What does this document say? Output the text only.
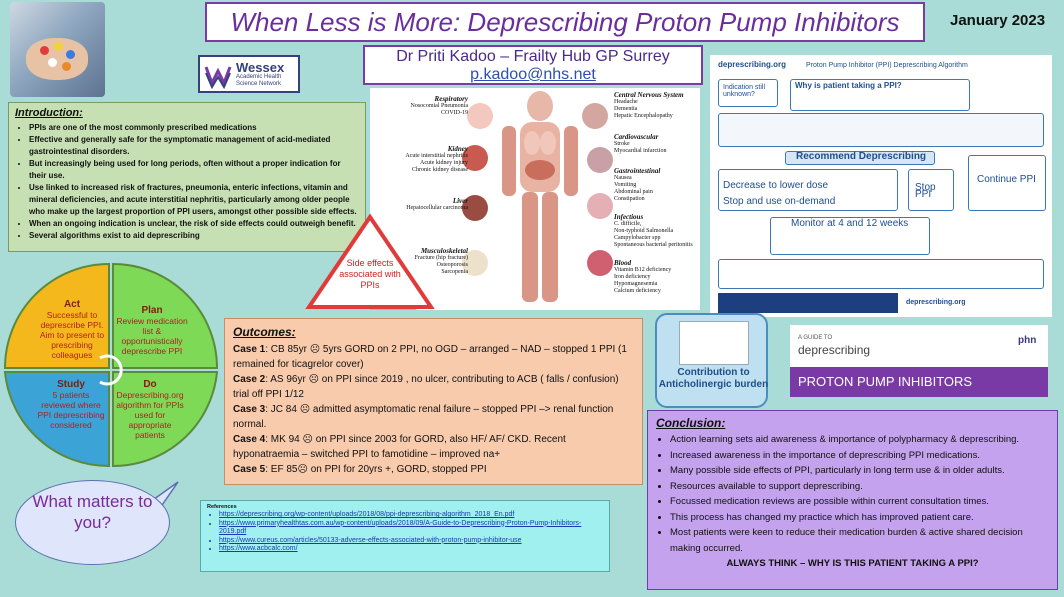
When Less is More: Deprescribing Proton Pump Inhibitors	January 2023
Wessex
Academic Health Science Network
Dr Priti Kadoo – Frailty Hub GP Surrey
p.kadoo@nhs.net
Introduction:
• PPIs are one of the most commonly prescribed medications
• Effective and generally safe for the symptomatic management of acid-mediated gastrointestinal disorders.
• But increasingly being used for long periods, often without a proper indication for their use.
• Use linked to increased risk of fractures, pneumonia, enteric infections, vitamin and mineral deficiencies, and acute interstitial nephritis, particularly among older people who make up the largest proportion of PPI users, amongst other possible side effects.
• When an ongoing indication is unclear, the risk of side effects could outweigh benefit.
• Several algorithms exist to aid deprescribing
Respiratory
Nosocomial Pneumonia
COVID-19
Kidney
Acute interstitial nephritis
Acute kidney injury
Chronic kidney disease
Liver
Hepatocellular carcinoma
Musculoskeletal
Fracture (hip fracture)
Osteoporosis
Sarcopenia
Central Nervous System
Headache
Dementia
Hepatic Encephalopathy
Cardiovascular
Stroke
Myocardial infarction
Gastrointestinal
Nausea
Vomiting
Abdominal pain
Constipation
Infectious
C. difficile,
Non-typhoid Salmonella
Campylobacter spp
Spontaneous bacterial peritonitis
Blood
Vitamin B12 deficiency
Iron deficiency
Hypomagnesemia
Calcium deficiency
Side effects associated with PPIs
deprescribing.org	Proton Pump Inhibitor (PPI) Deprescribing Algorithm
Why is patient taking a PPI?
Indication still unknown?
Recommend Deprescribing
Decrease to lower dose
Stop and use on-demand
Stop PPI
Continue PPI
Monitor at 4 and 12 weeks
deprescribing.org
A GUIDE TO
deprescribing
phn
PROTON PUMP INHIBITORS
Contribution to Anticholinergic burden
Act
Successful to deprescribe PPI. Aim to present to prescribing colleagues
Plan
Review medication list & opportunistically deprescribe PPI
Study
5 patients reviewed where PPI deprescribing considered
Do
Deprescribing.org algorithm for PPIs used for appropriate patients
What matters to you?
Outcomes:

Case 1: CB 85yr ☹ 5yrs GORD on 2 PPI, no OGD – arranged – NAD – stopped 1 PPI (1 remained for ticagrelor cover)

Case 2: AS 96yr ☹ on PPI since 2019 , no ulcer, contributing to ACB ( falls / confusion) trial off PPI 1/12

Case 3: JC 84 ☹ admitted asymptomatic renal failure – stopped PPI –> renal function normal.

Case 4: MK 94 ☹ on PPI since 2003 for GORD, also HF/ AF/ CKD. Recent hyponatraemia – switched PPI to famotidine – improved na+

Case 5: EF 85☹ on PPI for 20yrs +, GORD, stopped PPI

References
• https://deprescribing.org/wp-content/uploads/2018/08/ppi-deprescribing-algorithm_2018_En.pdf
• https://www.primaryhealthtas.com.au/wp-content/uploads/2018/09/A-Guide-to-Deprescribing-Proton-Pump-Inhibitors-2019.pdf
• https://www.cureus.com/articles/50133-adverse-effects-associated-with-proton-pump-inhibitor-use
• https://www.acbcalc.com/
Conclusion:
• Action learning sets aid awareness & importance of polypharmacy & deprescribing.
• Increased awareness in the importance of deprescribing PPI medications.
• Many possible side effects of PPI, particularly in long term use & in older adults.
• Resources available to support deprescribing.
• Focussed medication reviews are possible within current consultation times.
• This process has changed my practice which has improved patient care.
• Most patients were keen to reduce their medication burden & active shared decision making occurred.
ALWAYS THINK – WHY IS THIS PATIENT TAKING A PPI?
